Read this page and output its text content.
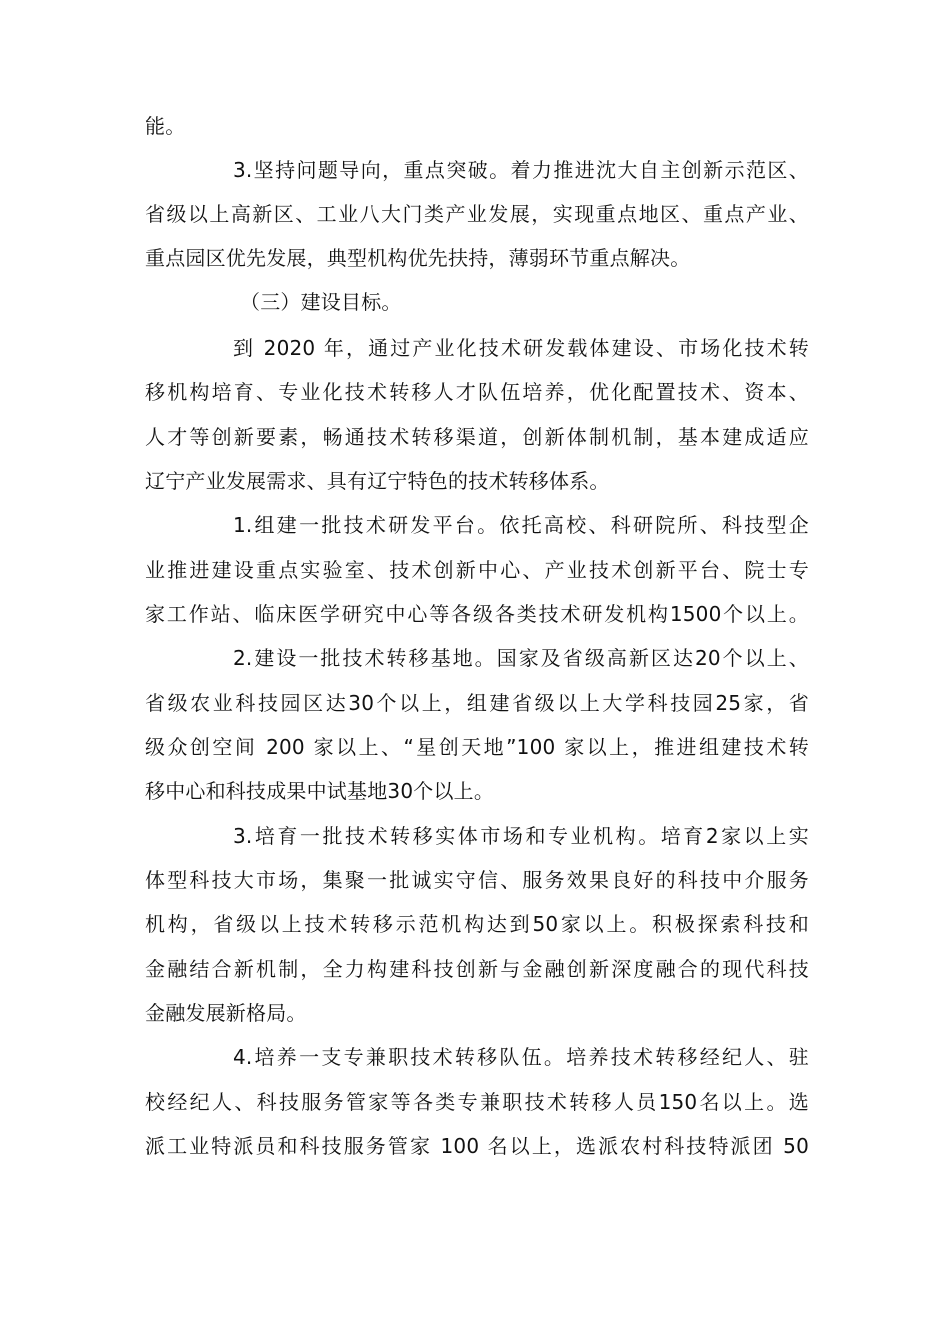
能。
3.坚持问题导向，重点突破。着力推进沈大自主创新示范区、
省级以上高新区、工业八大门类产业发展，实现重点地区、重点产业、
重点园区优先发展，典型机构优先扶持，薄弱环节重点解决。
（三）建设目标。
到 2020 年，通过产业化技术研发载体建设、市场化技术转
移机构培育、专业化技术转移人才队伍培养，优化配置技术、资本、
人才等创新要素，畅通技术转移渠道，创新体制机制，基本建成适应
辽宁产业发展需求、具有辽宁特色的技术转移体系。
1.组建一批技术研发平台。依托高校、科研院所、科技型企
业推进建设重点实验室、技术创新中心、产业技术创新平台、院士专
家工作站、临床医学研究中心等各级各类技术研发机构1500个以上。
2.建设一批技术转移基地。国家及省级高新区达20个以上、
省级农业科技园区达30个以上，组建省级以上大学科技园25家，省
级众创空间 200 家以上、“星创天地”100 家以上，推进组建技术转
移中心和科技成果中试基地30个以上。
3.培育一批技术转移实体市场和专业机构。培育2家以上实
体型科技大市场，集聚一批诚实守信、服务效果良好的科技中介服务
机构，省级以上技术转移示范机构达到50家以上。积极探索科技和
金融结合新机制，全力构建科技创新与金融创新深度融合的现代科技
金融发展新格局。
4.培养一支专兼职技术转移队伍。培养技术转移经纪人、驻
校经纪人、科技服务管家等各类专兼职技术转移人员150名以上。选
派工业特派员和科技服务管家 100 名以上，选派农村科技特派团 50
